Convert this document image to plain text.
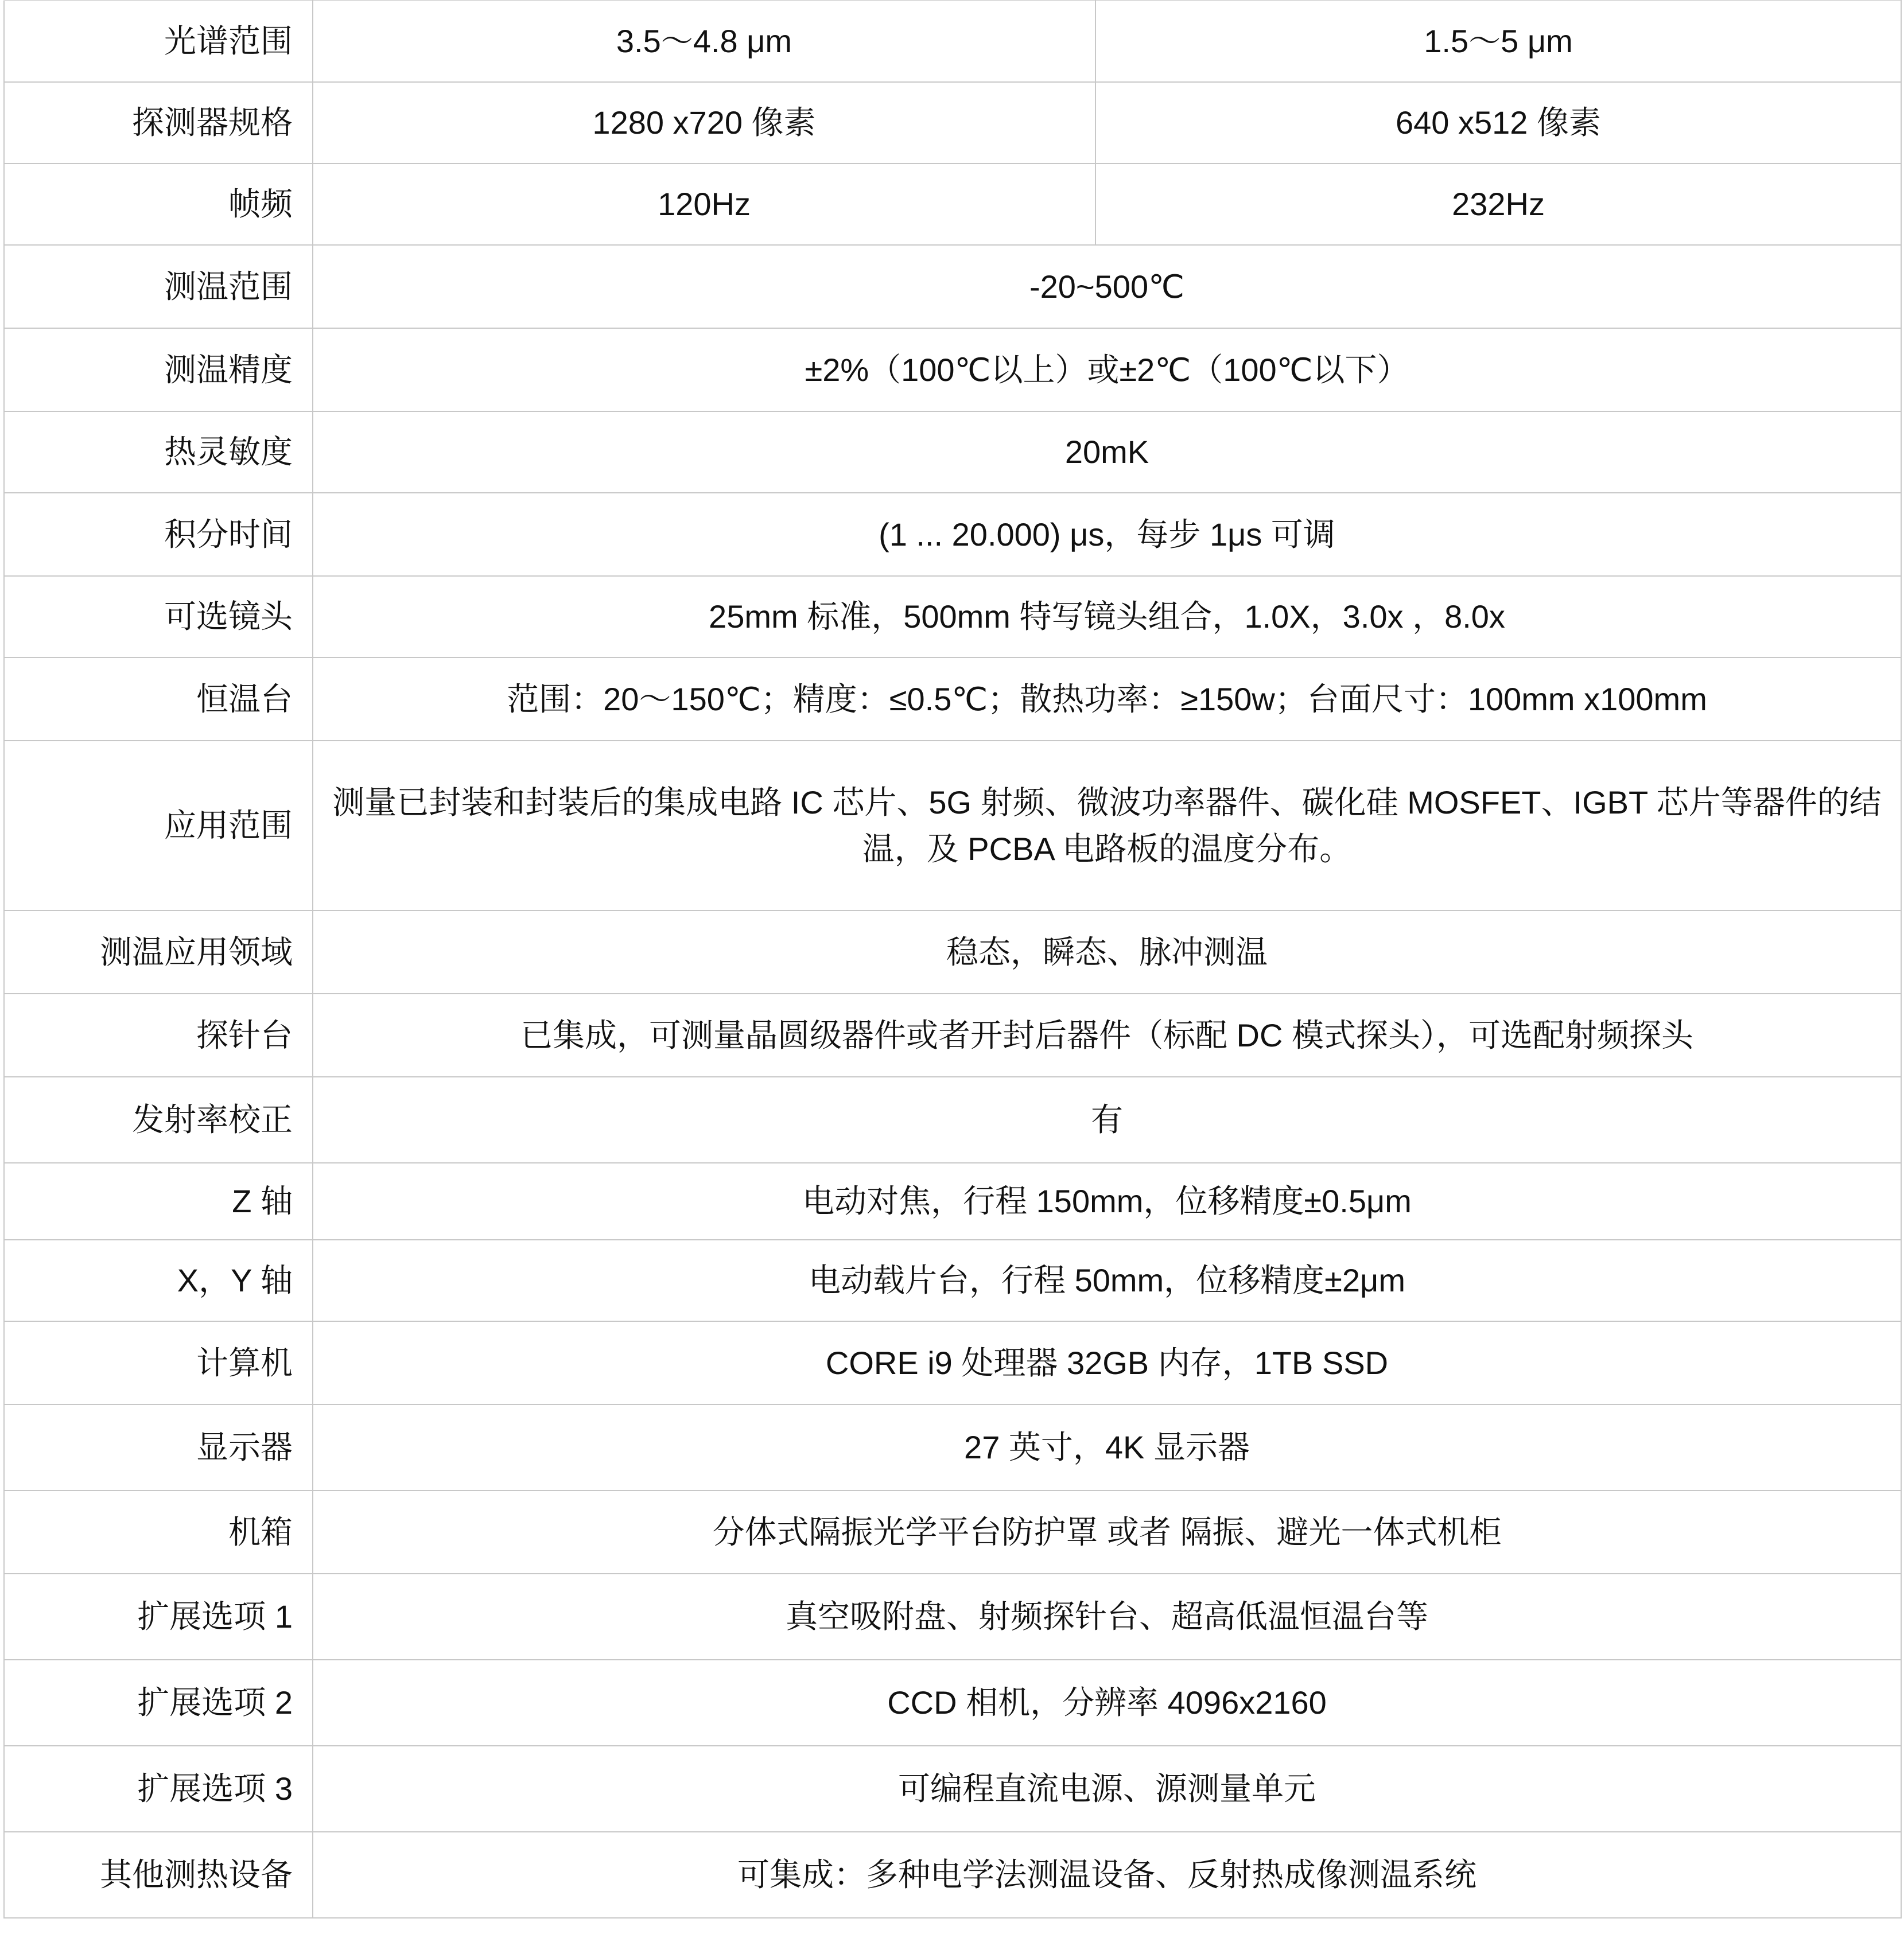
光谱范围	3.5～4.8 μm	1.5～5 μm
探测器规格	1280 x720 像素	640 x512 像素
帧频	120Hz	232Hz
测温范围	-20~500℃	
测温精度	±2%（100℃以上）或±2℃（100℃以下）	
热灵敏度	20mK	
积分时间	(1 ... 20.000) μs，每步 1μs 可调	
可选镜头	25mm 标准，500mm 特写镜头组合，1.0X，3.0x ，8.0x	
恒温台	范围：20～150℃；精度：≤0.5℃；散热功率：≥150w；台面尺寸：100mm x100mm	
应用范围	测量已封装和封装后的集成电路 IC 芯片、5G 射频、微波功率器件、碳化硅 MOSFET、IGBT 芯片等器件的结温，及 PCBA 电路板的温度分布。	
测温应用领域	稳态，瞬态、脉冲测温	
探针台	已集成，可测量晶圆级器件或者开封后器件（标配 DC 模式探头），可选配射频探头	
发射率校正	有	
Z 轴	电动对焦，行程 150mm，位移精度±0.5μm	
X，Y 轴	电动载片台，行程 50mm，位移精度±2μm	
计算机	CORE i9 处理器 32GB 内存，1TB SSD	
显示器	27 英寸，4K 显示器	
机箱	分体式隔振光学平台防护罩 或者 隔振、避光一体式机柜	
扩展选项 1	真空吸附盘、射频探针台、超高低温恒温台等	
扩展选项 2	CCD 相机，分辨率 4096x2160	
扩展选项 3	可编程直流电源、源测量单元	
其他测热设备	可集成：多种电学法测温设备、反射热成像测温系统	
